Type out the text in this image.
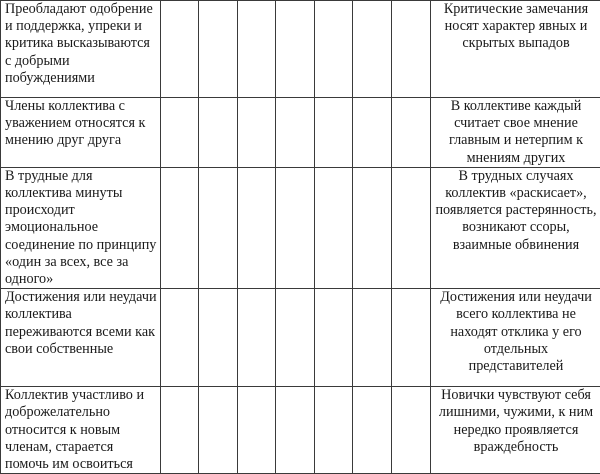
Преобладают одобрение и поддержка, упреки и критика высказываются с добрыми побуждениями								Критические замечания носят характер явных и скрытых выпадов

Члены коллектива с уважением относятся к мнению друг друга								В коллективе каждый считает свое мнение главным и нетерпим к мнениям других

В трудные для коллектива минуты происходит эмоциональное соединение по принципу «один за всех, все за одного»								В трудных случаях коллектив «раскисает», появляется растерянность, возникают ссоры, взаимные обвинения

Достижения или неудачи коллектива переживаются всеми как свои собственные								Достижения или неудачи всего коллектива не находят отклика у его отдельных представителей

Коллектив участливо и доброжелательно относится к новым членам, старается помочь им освоиться								Новички чувствуют себя лишними, чужими, к ним нередко проявляется враждебность
